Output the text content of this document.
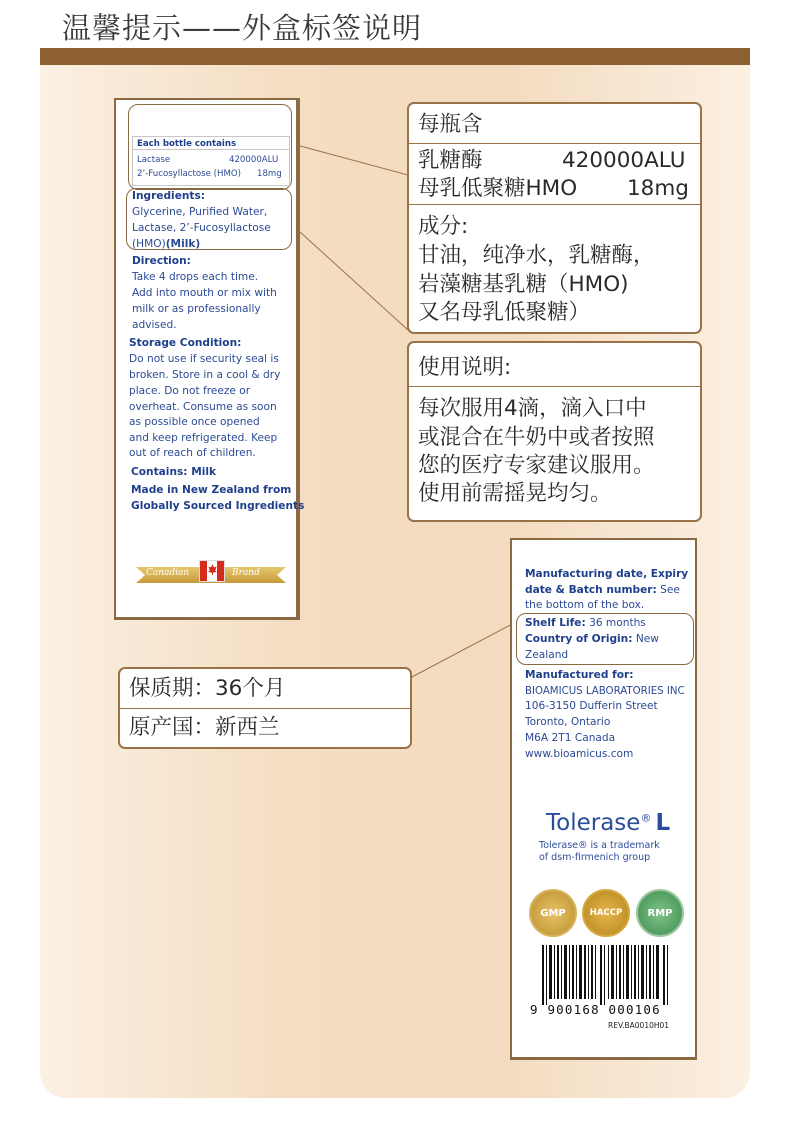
温馨提示——外盒标签说明
Each bottle contains
Lactase	420000ALU
2’-Fucosyllactose (HMO) 18mg
Ingredients:
Glycerine, Purified Water,
Lactase, 2’-Fucosyllactose
(HMO)(Milk)
Direction:
Take 4 drops each time.
Add into mouth or mix with
milk or as professionally
advised.
Storage Condition:
Do not use if security seal is
broken. Store in a cool & dry
place. Do not freeze or
overheat. Consume as soon
as possible once opened
and keep refrigerated. Keep
out of reach of children.
Contains: Milk
Made in New Zealand from
Globally Sourced Ingredients
Canadian	Brand	Manufacturing date, Expiry
date & Batch number: See
the bottom of the box.
Shelf Life: 36 months
Country of Origin: New
Zealand
Manufactured for:
BIOAMICUS LABORATORIES INC
106-3150 Dufferin Street
Toronto, Ontario
M6A 2T1 Canada
www.bioamicus.com
Tolerase® L
Tolerase® is a trademark
of dsm-firmenich group
GMP	HACCP	RMP
9 900168 000106
REV.BA0010H01
每瓶含
乳糖酶	420000ALU
母乳低聚糖HMO 18mg
成分:
甘油，纯净水，乳糖酶，
岩藻糖基乳糖（HMO)
又名母乳低聚糖）
使用说明:
每次服用4滴，滴入口中
或混合在牛奶中或者按照
您的医疗专家建议服用。
使用前需摇晃均匀。
保质期：36个月
原产国：新西兰
